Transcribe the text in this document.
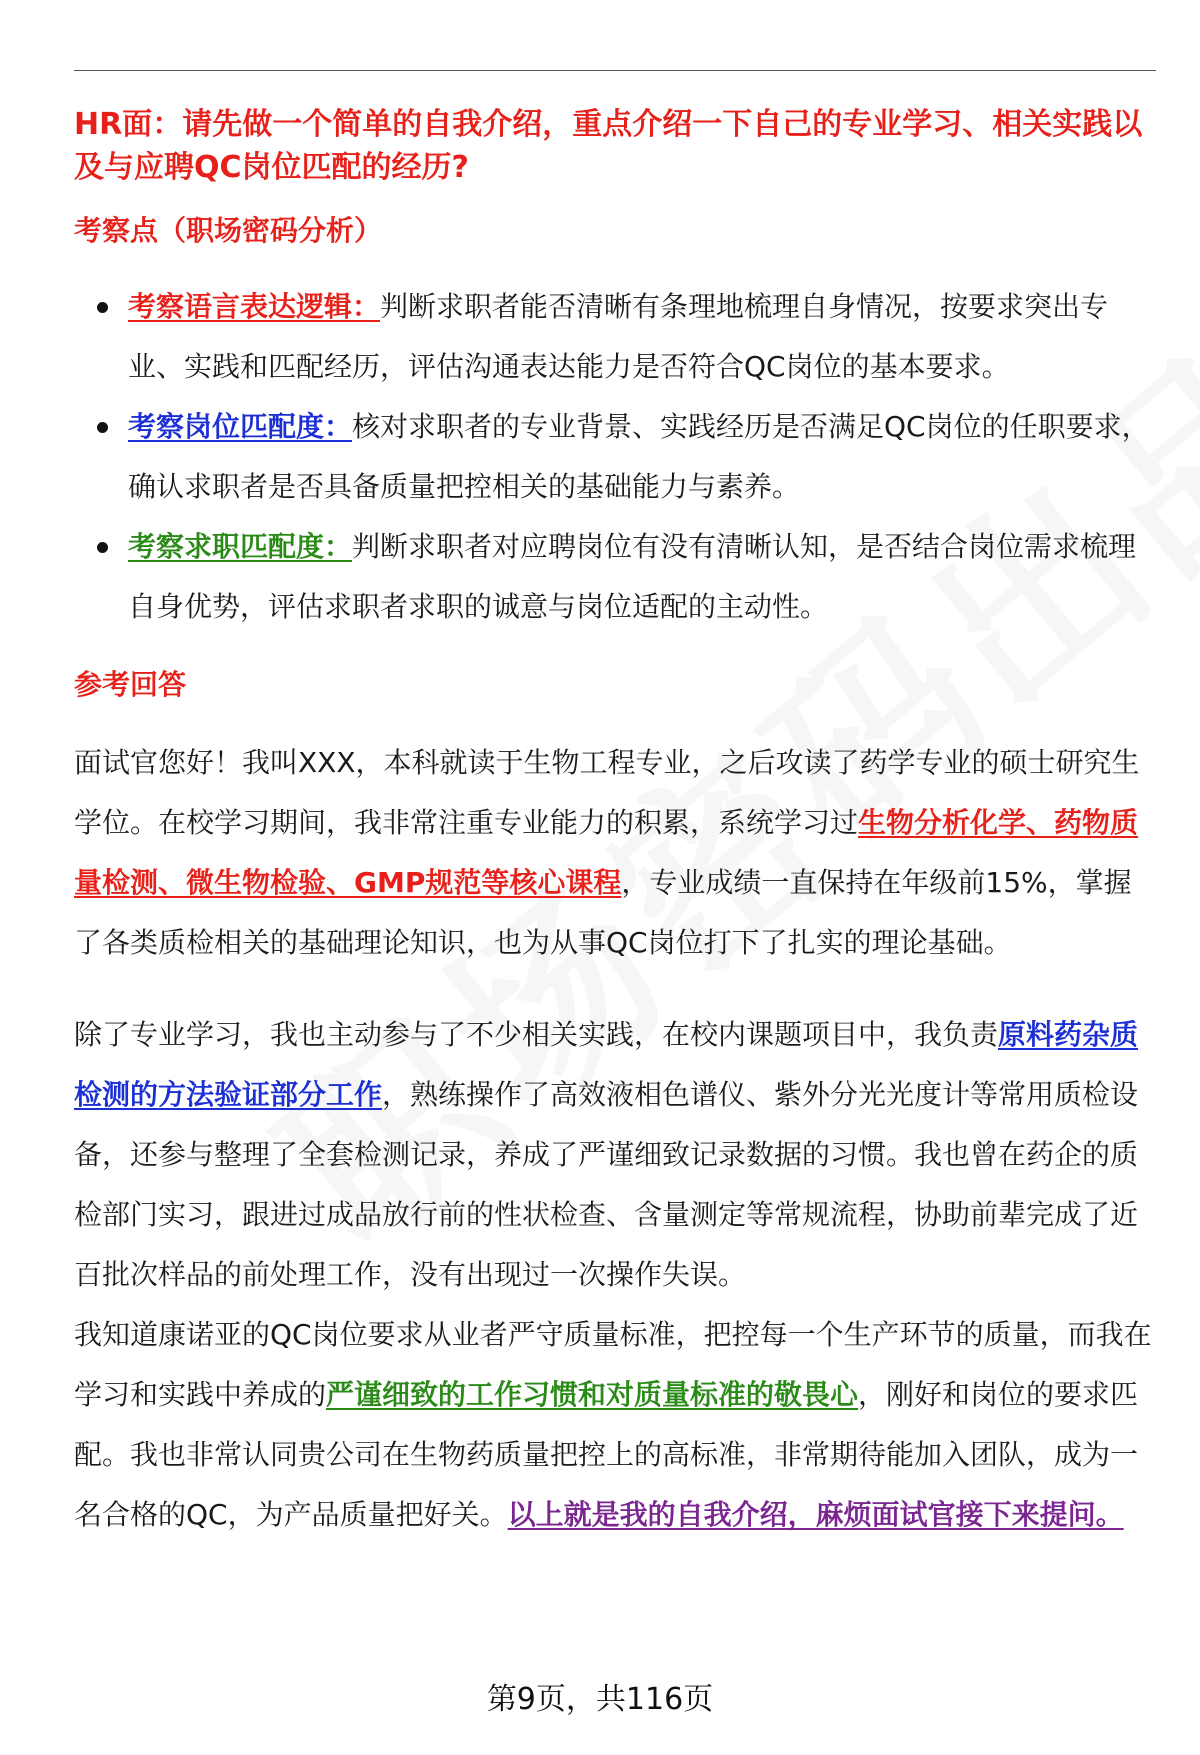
HR面：请先做一个简单的自我介绍，重点介绍一下自己的专业学习、相关实践以及与应聘QC岗位匹配的经历?

考察点（职场密码分析）
考察语言表达逻辑：判断求职者能否清晰有条理地梳理自身情况，按要求突出专业、实践和匹配经历，评估沟通表达能力是否符合QC岗位的基本要求。
考察岗位匹配度：核对求职者的专业背景、实践经历是否满足QC岗位的任职要求，确认求职者是否具备质量把控相关的基础能力与素养。
考察求职匹配度：判断求职者对应聘岗位有没有清晰认知，是否结合岗位需求梳理自身优势，评估求职者求职的诚意与岗位适配的主动性。
参考回答

面试官您好！我叫XXX，本科就读于生物工程专业，之后攻读了药学专业的硕士研究生学位。在校学习期间，我非常注重专业能力的积累，系统学习过生物分析化学、药物质量检测、微生物检验、GMP规范等核心课程，专业成绩一直保持在年级前15%，掌握了各类质检相关的基础理论知识，也为从事QC岗位打下了扎实的理论基础。

除了专业学习，我也主动参与了不少相关实践，在校内课题项目中，我负责原料药杂质检测的方法验证部分工作，熟练操作了高效液相色谱仪、紫外分光光度计等常用质检设备，还参与整理了全套检测记录，养成了严谨细致记录数据的习惯。我也曾在药企的质检部门实习，跟进过成品放行前的性状检查、含量测定等常规流程，协助前辈完成了近百批次样品的前处理工作，没有出现过一次操作失误。

我知道康诺亚的QC岗位要求从业者严守质量标准，把控每一个生产环节的质量，而我在学习和实践中养成的严谨细致的工作习惯和对质量标准的敬畏心，刚好和岗位的要求匹配。我也非常认同贵公司在生物药质量把控上的高标准，非常期待能加入团队，成为一名合格的QC，为产品质量把好关。以上就是我的自我介绍，麻烦面试官接下来提问。

第9页，共116页
